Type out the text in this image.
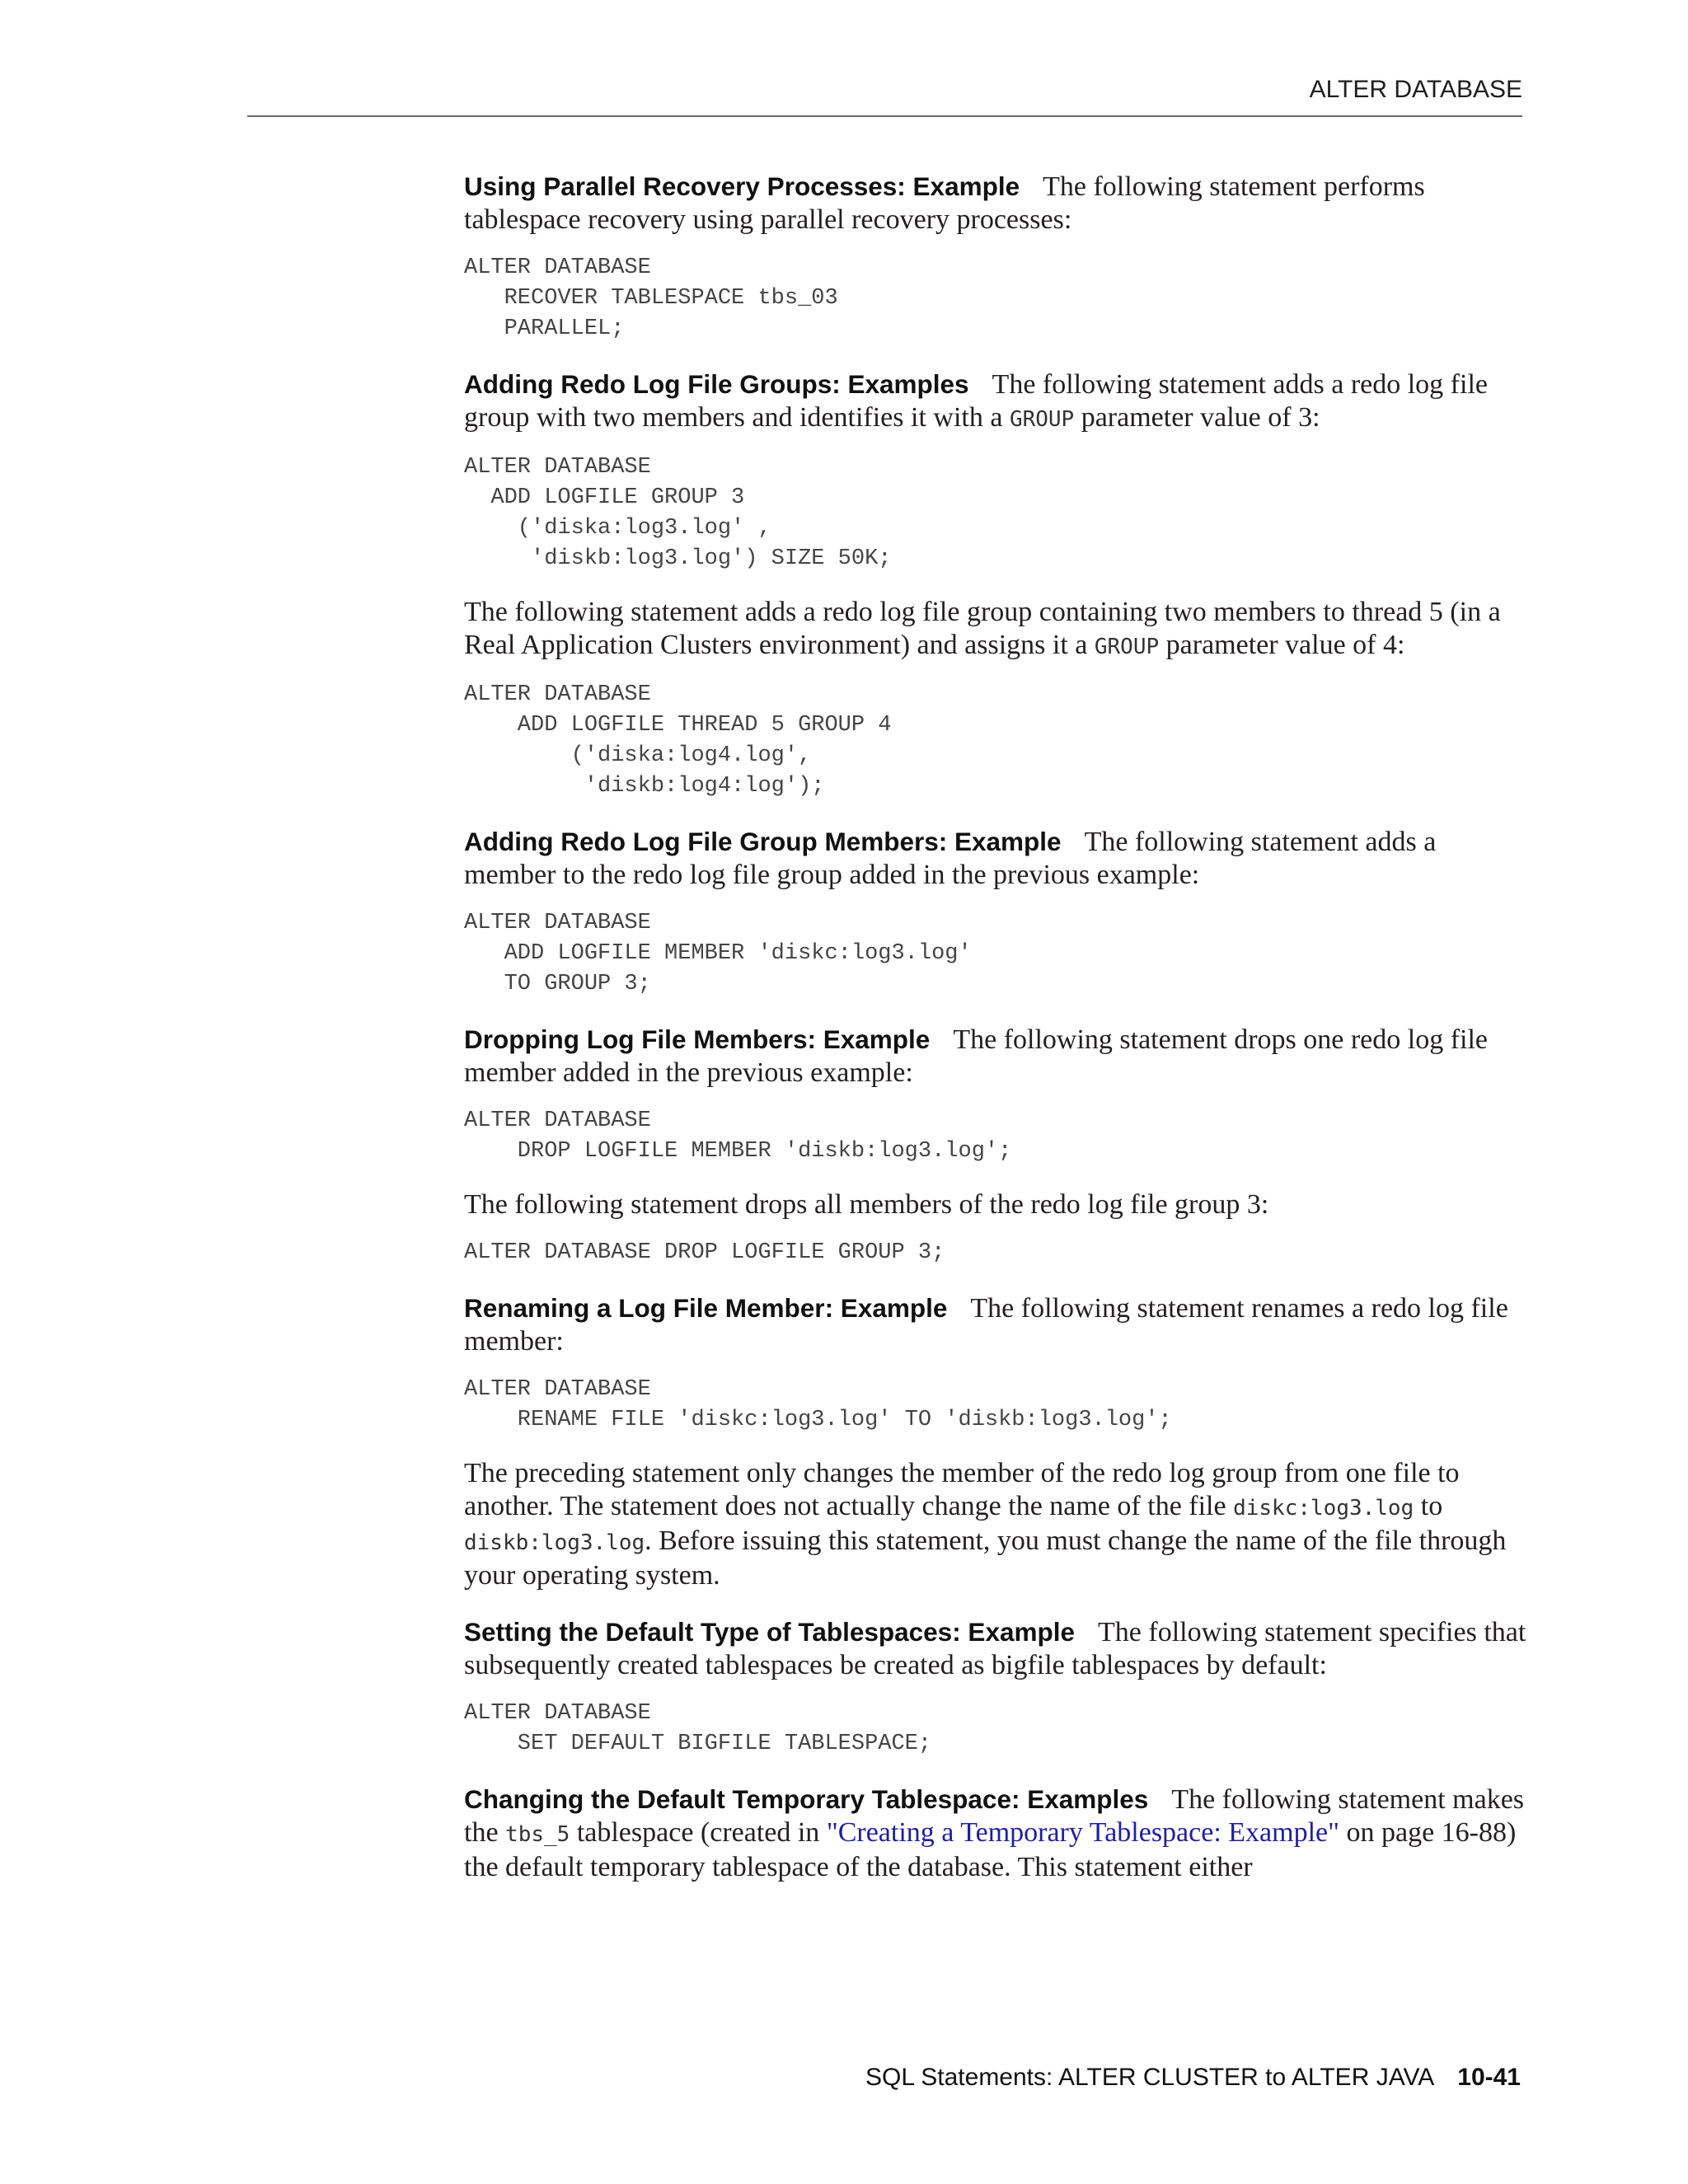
ALTER DATABASE

Using Parallel Recovery Processes: Example The following statement performs tablespace recovery using parallel recovery processes:

ALTER DATABASE
RECOVER TABLESPACE tbs_03
PARALLEL;

Adding Redo Log File Groups: Examples The following statement adds a redo log file group with two members and identifies it with a GROUP parameter value of 3:

ALTER DATABASE
ADD LOGFILE GROUP 3
('diska:log3.log' ,
'diskb:log3.log') SIZE 50K;

The following statement adds a redo log file group containing two members to thread 5 (in a Real Application Clusters environment) and assigns it a GROUP parameter value of 4:

ALTER DATABASE
ADD LOGFILE THREAD 5 GROUP 4
('diska:log4.log',
'diskb:log4:log');

Adding Redo Log File Group Members: Example The following statement adds a member to the redo log file group added in the previous example:

ALTER DATABASE
ADD LOGFILE MEMBER 'diskc:log3.log'
TO GROUP 3;

Dropping Log File Members: Example The following statement drops one redo log file member added in the previous example:

ALTER DATABASE
DROP LOGFILE MEMBER 'diskb:log3.log';

The following statement drops all members of the redo log file group 3:

ALTER DATABASE DROP LOGFILE GROUP 3;

Renaming a Log File Member: Example The following statement renames a redo log file member:

ALTER DATABASE
RENAME FILE 'diskc:log3.log' TO 'diskb:log3.log';

The preceding statement only changes the member of the redo log group from one file to another. The statement does not actually change the name of the file diskc:log3.log to diskb:log3.log. Before issuing this statement, you must change the name of the file through your operating system.

Setting the Default Type of Tablespaces: Example The following statement specifies that subsequently created tablespaces be created as bigfile tablespaces by default:

ALTER DATABASE
SET DEFAULT BIGFILE TABLESPACE;

Changing the Default Temporary Tablespace: Examples The following statement makes the tbs_5 tablespace (created in "Creating a Temporary Tablespace: Example" on page 16-88) the default temporary tablespace of the database. This statement either

SQL Statements: ALTER CLUSTER to ALTER JAVA 10-41
